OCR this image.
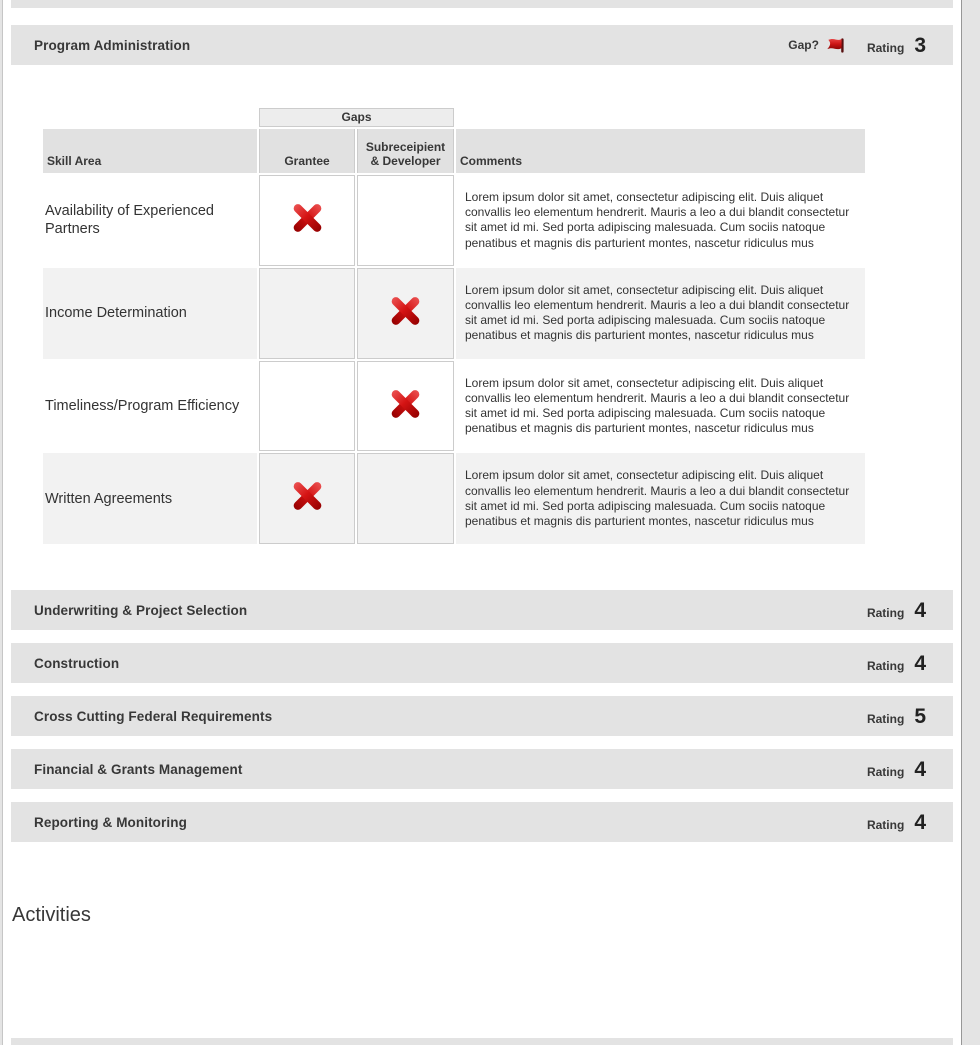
Program Administration	Gap?	Rating 3
	Gaps		
Skill Area	Grantee	Subreceipient & Developer	Comments
Availability of Experienced Partners			Lorem ipsum dolor sit amet, consectetur adipiscing elit. Duis aliquet convallis leo elementum hendrerit. Mauris a leo a dui blandit consectetur sit amet id mi. Sed porta adipiscing malesuada. Cum sociis natoque penatibus et magnis dis parturient montes, nascetur ridiculus mus
Income Determination			Lorem ipsum dolor sit amet, consectetur adipiscing elit. Duis aliquet convallis leo elementum hendrerit. Mauris a leo a dui blandit consectetur sit amet id mi. Sed porta adipiscing malesuada. Cum sociis natoque penatibus et magnis dis parturient montes, nascetur ridiculus mus
Timeliness/Program Efficiency			Lorem ipsum dolor sit amet, consectetur adipiscing elit. Duis aliquet convallis leo elementum hendrerit. Mauris a leo a dui blandit consectetur sit amet id mi. Sed porta adipiscing malesuada. Cum sociis natoque penatibus et magnis dis parturient montes, nascetur ridiculus mus
Written Agreements			Lorem ipsum dolor sit amet, consectetur adipiscing elit. Duis aliquet convallis leo elementum hendrerit. Mauris a leo a dui blandit consectetur sit amet id mi. Sed porta adipiscing malesuada. Cum sociis natoque penatibus et magnis dis parturient montes, nascetur ridiculus mus
Underwriting & Project Selection	Rating 4
Construction	Rating 4
Cross Cutting Federal Requirements	Rating 5
Financial & Grants Management	Rating 4
Reporting & Monitoring	Rating 4
Activities
